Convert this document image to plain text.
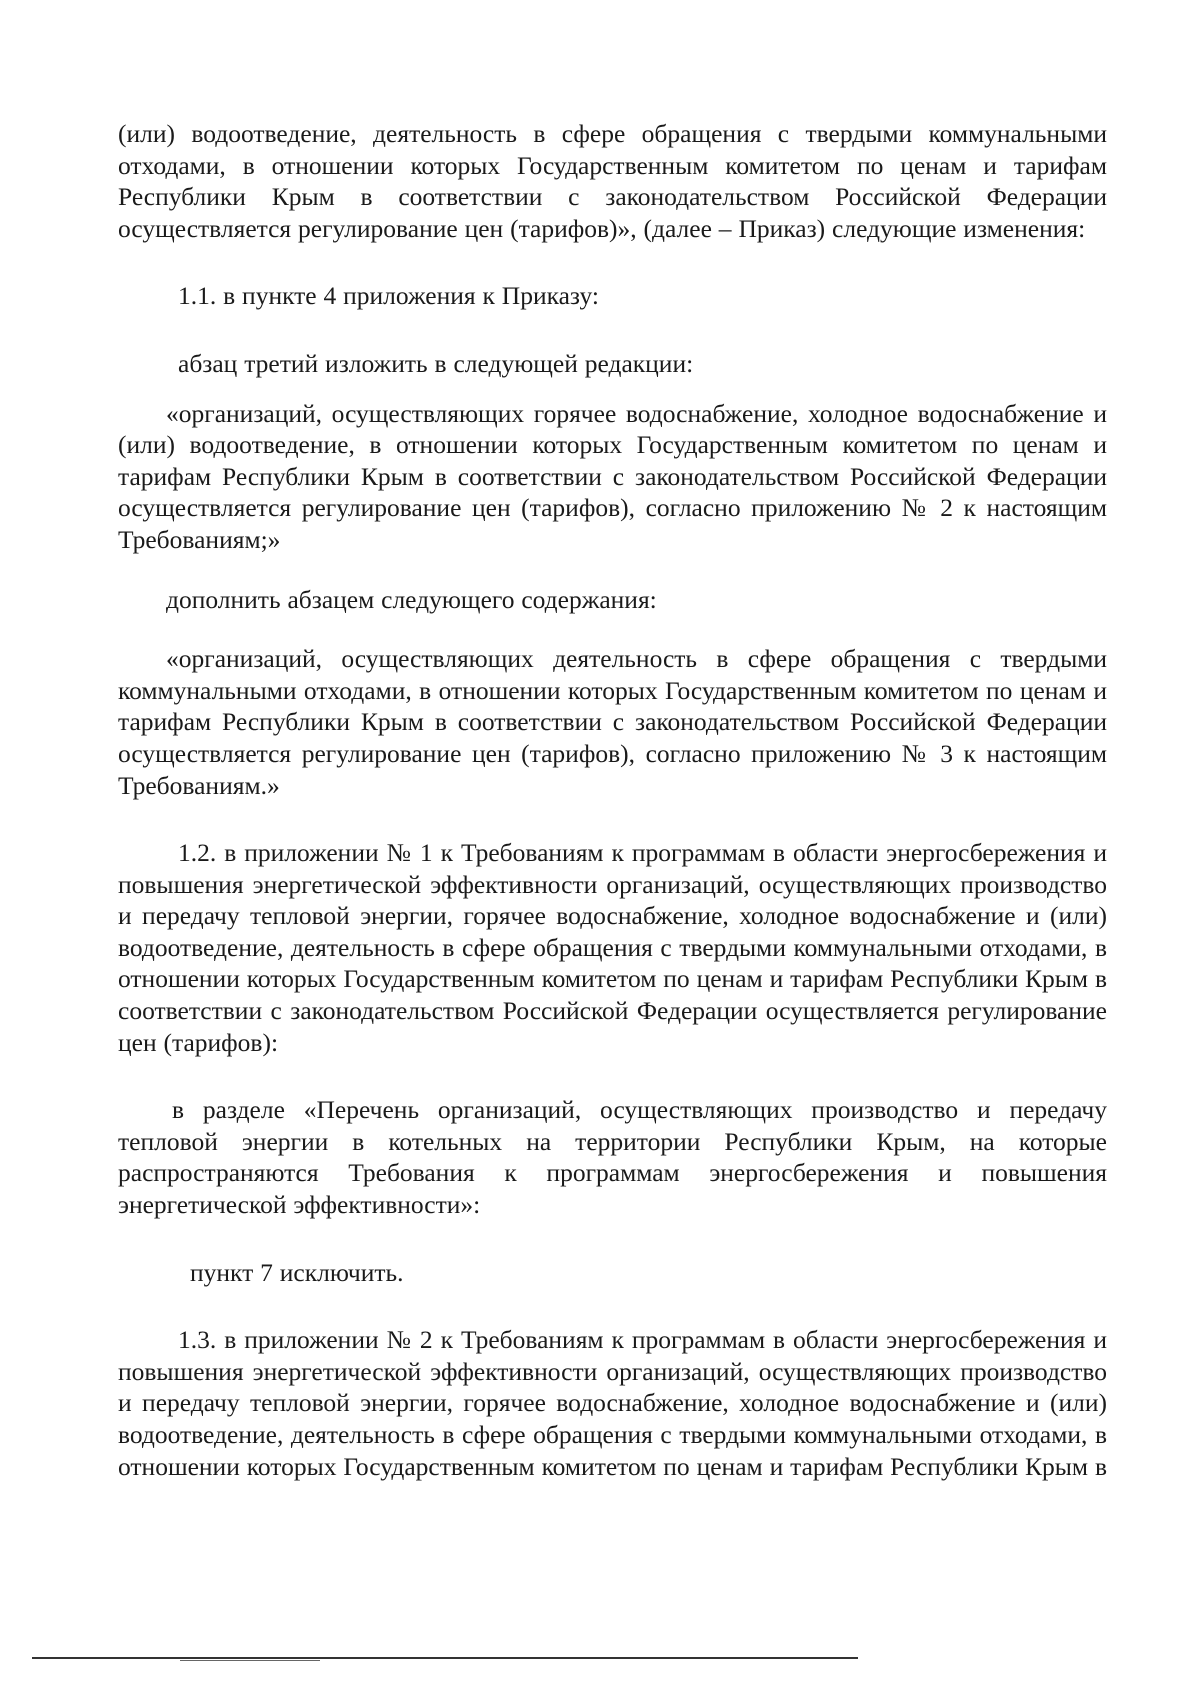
(или) водоотведение, деятельность в сфере обращения с твердыми коммунальными отходами, в отношении которых Государственным комитетом по ценам и тарифам Республики Крым в соответствии с законодательством Российской Федерации осуществляется регулирование цен (тарифов)», (далее – Приказ) следующие изменения:

1.1. в пункте 4 приложения к Приказу:

абзац третий изложить в следующей редакции:

«организаций, осуществляющих горячее водоснабжение, холодное водоснабжение и (или) водоотведение, в отношении которых Государственным комитетом по ценам и тарифам Республики Крым в соответствии с законодательством Российской Федерации осуществляется регулирование цен (тарифов), согласно приложению № 2 к настоящим Требованиям;»

дополнить абзацем следующего содержания:

«организаций, осуществляющих деятельность в сфере обращения с твердыми коммунальными отходами, в отношении которых Государственным комитетом по ценам и тарифам Республики Крым в соответствии с законодательством Российской Федерации осуществляется регулирование цен (тарифов), согласно приложению № 3 к настоящим Требованиям.»

1.2. в приложении № 1 к Требованиям к программам в области энергосбережения и повышения энергетической эффективности организаций, осуществляющих производство и передачу тепловой энергии, горячее водоснабжение, холодное водоснабжение и (или) водоотведение, деятельность в сфере обращения с твердыми коммунальными отходами, в отношении которых Государственным комитетом по ценам и тарифам Республики Крым в соответствии с законодательством Российской Федерации осуществляется регулирование цен (тарифов):

в разделе «Перечень организаций, осуществляющих производство и передачу тепловой энергии в котельных на территории Республики Крым, на которые распространяются Требования к программам энергосбережения и повышения энергетической эффективности»:

пункт 7 исключить.

1.3. в приложении № 2 к Требованиям к программам в области энергосбережения и повышения энергетической эффективности организаций, осуществляющих производство и передачу тепловой энергии, горячее водоснабжение, холодное водоснабжение и (или) водоотведение, деятельность в сфере обращения с твердыми коммунальными отходами, в отношении которых Государственным комитетом по ценам и тарифам Республики Крым в
